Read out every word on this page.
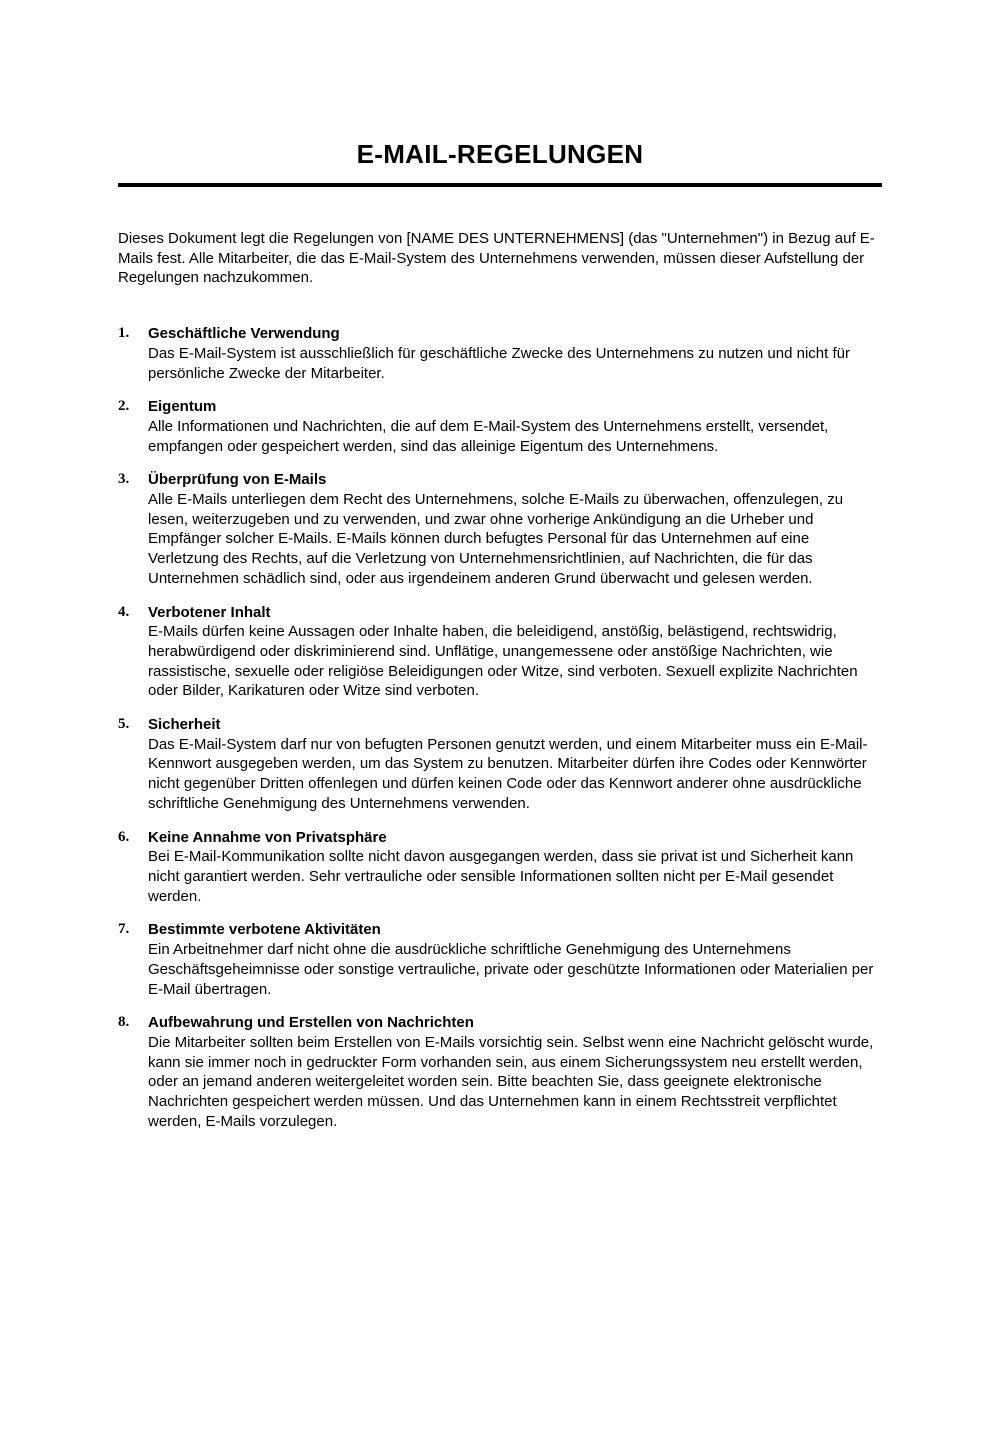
E-MAIL-REGELUNGEN

Dieses Dokument legt die Regelungen von [NAME DES UNTERNEHMENS] (das "Unternehmen") in Bezug auf E-Mails fest. Alle Mitarbeiter, die das E-Mail-System des Unternehmens verwenden, müssen dieser Aufstellung der Regelungen nachzukommen.

1.	Geschäftliche Verwendung
Das E-Mail-System ist ausschließlich für geschäftliche Zwecke des Unternehmens zu nutzen und nicht für persönliche Zwecke der Mitarbeiter.
2.	Eigentum
Alle Informationen und Nachrichten, die auf dem E-Mail-System des Unternehmens erstellt, versendet, empfangen oder gespeichert werden, sind das alleinige Eigentum des Unternehmens.
3.	Überprüfung von E-Mails
Alle E-Mails unterliegen dem Recht des Unternehmens, solche E-Mails zu überwachen, offenzulegen, zu lesen, weiterzugeben und zu verwenden, und zwar ohne vorherige Ankündigung an die Urheber und Empfänger solcher E-Mails. E-Mails können durch befugtes Personal für das Unternehmen auf eine Verletzung des Rechts, auf die Verletzung von Unternehmensrichtlinien, auf Nachrichten, die für das Unternehmen schädlich sind, oder aus irgendeinem anderen Grund überwacht und gelesen werden.
4.	Verbotener Inhalt
E-Mails dürfen keine Aussagen oder Inhalte haben, die beleidigend, anstößig, belästigend, rechtswidrig, herabwürdigend oder diskriminierend sind. Unflätige, unangemessene oder anstößige Nachrichten, wie rassistische, sexuelle oder religiöse Beleidigungen oder Witze, sind verboten. Sexuell explizite Nachrichten oder Bilder, Karikaturen oder Witze sind verboten.
5.	Sicherheit
Das E-Mail-System darf nur von befugten Personen genutzt werden, und einem Mitarbeiter muss ein E-Mail-Kennwort ausgegeben werden, um das System zu benutzen. Mitarbeiter dürfen ihre Codes oder Kennwörter nicht gegenüber Dritten offenlegen und dürfen keinen Code oder das Kennwort anderer ohne ausdrückliche schriftliche Genehmigung des Unternehmens verwenden.
6.	Keine Annahme von Privatsphäre
Bei E-Mail-Kommunikation sollte nicht davon ausgegangen werden, dass sie privat ist und Sicherheit kann nicht garantiert werden. Sehr vertrauliche oder sensible Informationen sollten nicht per E-Mail gesendet werden.
7.	Bestimmte verbotene Aktivitäten
Ein Arbeitnehmer darf nicht ohne die ausdrückliche schriftliche Genehmigung des Unternehmens Geschäftsgeheimnisse oder sonstige vertrauliche, private oder geschützte Informationen oder Materialien per E-Mail übertragen.
8.	Aufbewahrung und Erstellen von Nachrichten
Die Mitarbeiter sollten beim Erstellen von E-Mails vorsichtig sein. Selbst wenn eine Nachricht gelöscht wurde, kann sie immer noch in gedruckter Form vorhanden sein, aus einem Sicherungssystem neu erstellt werden, oder an jemand anderen weitergeleitet worden sein. Bitte beachten Sie, dass geeignete elektronische Nachrichten gespeichert werden müssen. Und das Unternehmen kann in einem Rechtsstreit verpflichtet werden, E-Mails vorzulegen.
